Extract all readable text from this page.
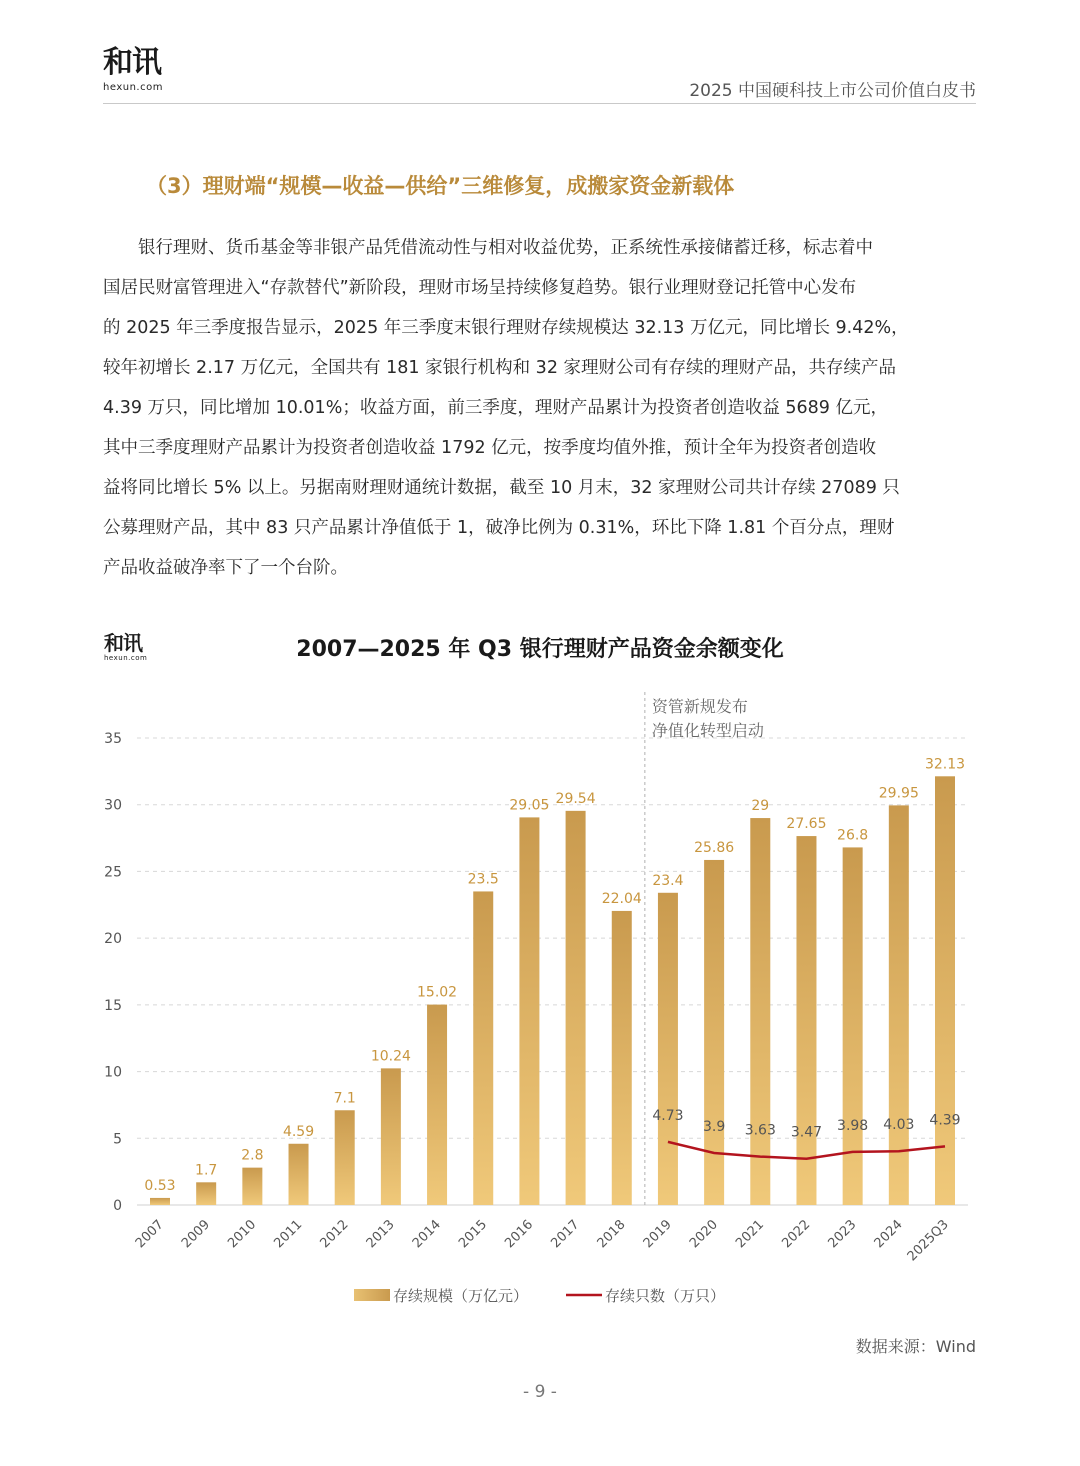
和讯
hexun.com	2025 中国硬科技上市公司价值白皮书
（3）理财端“规模—收益—供给”三维修复，成搬家资金新载体
　　银行理财、货币基金等非银产品凭借流动性与相对收益优势，正系统性承接储蓄迁移，标志着中
国居民财富管理进入“存款替代”新阶段，理财市场呈持续修复趋势。银行业理财登记托管中心发布
的 2025 年三季度报告显示，2025 年三季度末银行理财存续规模达 32.13 万亿元，同比增长 9.42%，
较年初增长 2.17 万亿元，全国共有 181 家银行机构和 32 家理财公司有存续的理财产品，共存续产品
4.39 万只，同比增加 10.01%；收益方面，前三季度，理财产品累计为投资者创造收益 5689 亿元，
其中三季度理财产品累计为投资者创造收益 1792 亿元，按季度均值外推，预计全年为投资者创造收
益将同比增长 5% 以上。另据南财理财通统计数据，截至 10 月末，32 家理财公司共计存续 27089 只
公募理财产品，其中 83 只产品累计净值低于 1，破净比例为 0.31%，环比下降 1.81 个百分点，理财
产品收益破净率下了一个台阶。
和讯
hexun.com	2007—2025 年 Q3 银行理财产品资金余额变化
0
5
10
15
20
25
30
35
资管新规发布
净值化转型启动
0.53
1.7
2.8
4.59
7.1
10.24
15.02
23.5
29.05 29.54
22.04
23.4
25.86
29
27.65
26.8
29.95
32.13
2007 2009 2010 2011 2012 2013 2014 2015 2016 2017 2018 2019 2020 2021 2022 2023 2024 2025Q3
4.73
3.9 3.63 3.47 3.98 4.03 4.39
存续规模（万亿元）	存续只数（万只）
数据来源：Wind
- 9 -
